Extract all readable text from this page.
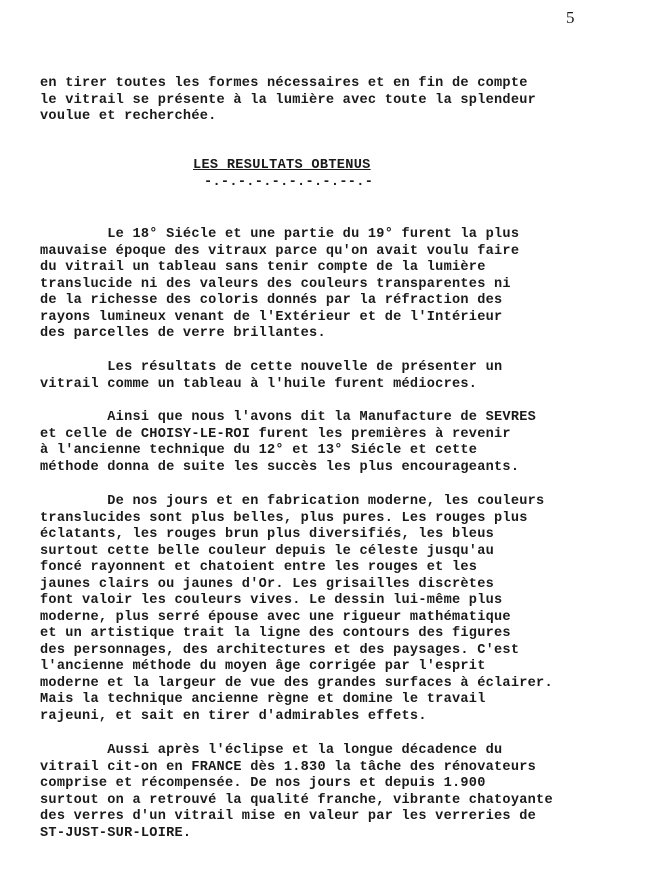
5
en tirer toutes les formes nécessaires et en fin de compte
le vitrail se présente à la lumière avec toute la splendeur
voulue et recherchée.
LES RESULTATS OBTENUS
-.-.-.-.-.-.-.-.--.-
Le 18° Siécle et une partie du 19° furent la plus
mauvaise époque des vitraux parce qu'on avait voulu faire
du vitrail un tableau sans tenir compte de la lumière
translucide ni des valeurs des couleurs transparentes ni
de la richesse des coloris donnés par la réfraction des
rayons lumineux venant de l'Extérieur et de l'Intérieur
des parcelles de verre brillantes.
Les résultats de cette nouvelle de présenter un
vitrail comme un tableau à l'huile furent médiocres.
Ainsi que nous l'avons dit la Manufacture de SEVRES
et celle de CHOISY-LE-ROI furent les premières à revenir
à l'ancienne technique du 12° et 13° Siécle et cette
méthode donna de suite les succès les plus encourageants.
De nos jours et en fabrication moderne, les couleurs
translucides sont plus belles, plus pures. Les rouges plus
éclatants, les rouges brun plus diversifiés, les bleus
surtout cette belle couleur depuis le céleste jusqu'au
foncé rayonnent et chatoient entre les rouges et les
jaunes clairs ou jaunes d'Or. Les grisailles discrètes
font valoir les couleurs vives. Le dessin lui-même plus
moderne, plus serré épouse avec une rigueur mathématique
et un artistique trait la ligne des contours des figures
des personnages, des architectures et des paysages. C'est
l'ancienne méthode du moyen âge corrigée par l'esprit
moderne et la largeur de vue des grandes surfaces à éclairer.
Mais la technique ancienne règne et domine le travail
rajeuni, et sait en tirer d'admirables effets.
Aussi après l'éclipse et la longue décadence du
vitrail cit-on en FRANCE dès 1.830 la tâche des rénovateurs
comprise et récompensée. De nos jours et depuis 1.900
surtout on a retrouvé la qualité franche, vibrante chatoyante
des verres d'un vitrail mise en valeur par les verreries de
ST-JUST-SUR-LOIRE.
